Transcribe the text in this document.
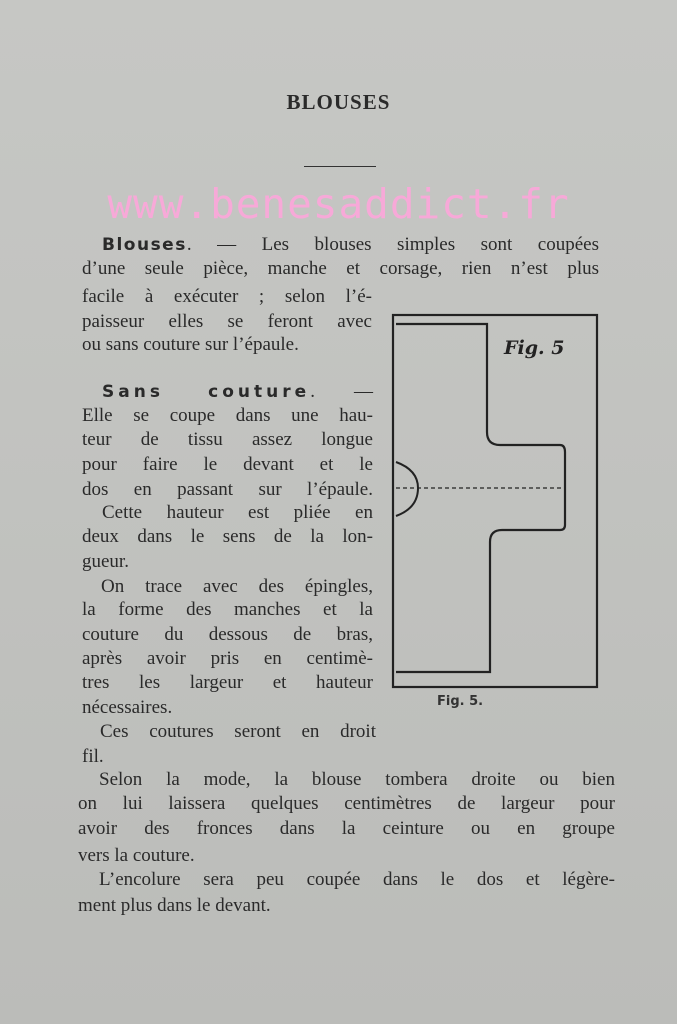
BLOUSES
www.benesaddict.fr
Blouses. — Les blouses simples sont coupées
d’une seule pièce, manche et corsage, rien n’est plus
facile à exécuter ; selon l’é-
paisseur elles se feront avec
ou sans couture sur l’épaule.
Sans couture. —
Elle se coupe dans une hau-
teur de tissu assez longue
pour faire le devant et le
dos en passant sur l’épaule.
Cette hauteur est pliée en
deux dans le sens de la lon-
gueur.
On trace avec des épingles,
la forme des manches et la
couture du dessous de bras,
après avoir pris en centimè-
tres les largeur et hauteur
nécessaires.
Ces coutures seront en droit
fil.
Selon la mode, la blouse tombera droite ou bien
on lui laissera quelques centimètres de largeur pour
avoir des fronces dans la ceinture ou en groupe
vers la couture.
L’encolure sera peu coupée dans le dos et légère-
ment plus dans le devant.
Fig. 5
Fig. 5.
